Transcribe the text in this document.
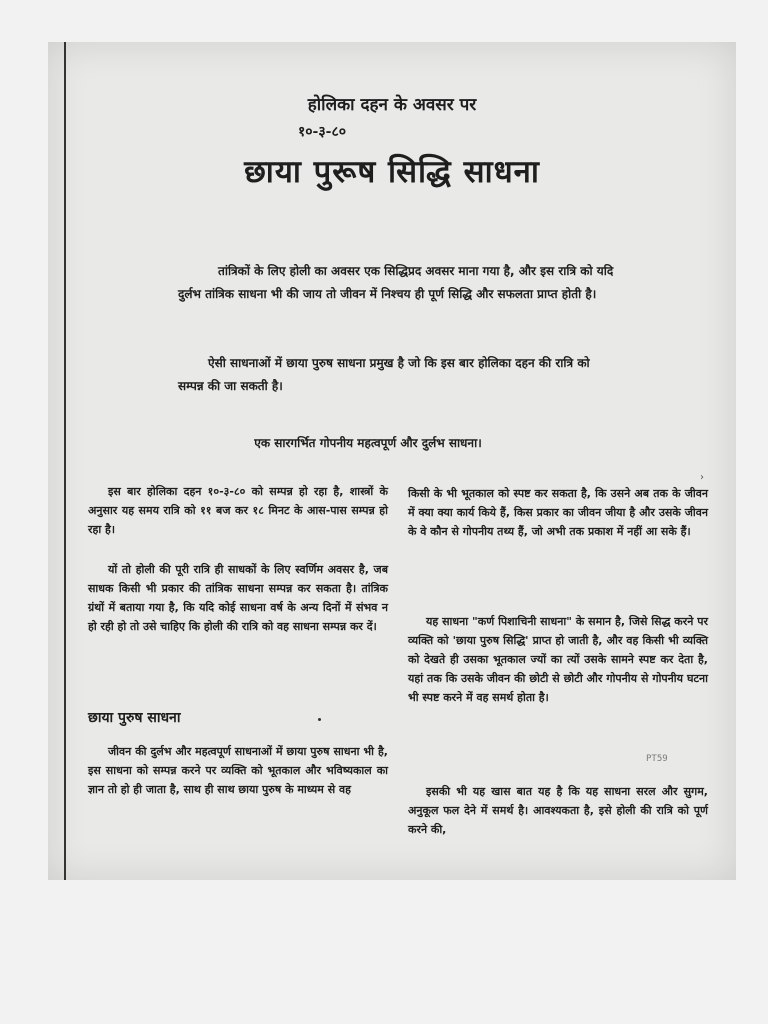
होलिका दहन के अवसर पर
१०-३-८०
छाया पुरूष सिद्धि साधना
तांत्रिकों के लिए होली का अवसर एक सिद्धिप्रद अवसर माना गया है, और इस रात्रि को यदि दुर्लभ तांत्रिक साधना भी की जाय तो जीवन में निश्चय ही पूर्ण सिद्धि और सफलता प्राप्त होती है।
ऐसी साधनाओं में छाया पुरुष साधना प्रमुख है जो कि इस बार होलिका दहन की रात्रि को सम्पन्न की जा सकती है।
एक सारगर्भित गोपनीय महत्वपूर्ण और दुर्लभ साधना।
इस बार होलिका दहन १०-३-८० को सम्पन्न हो रहा है, शास्त्रों के अनुसार यह समय रात्रि को ११ बज कर १८ मिनट के आस-पास सम्पन्न हो रहा है।
यों तो होली की पूरी रात्रि ही साधकों के लिए स्वर्णिम अवसर है, जब साधक किसी भी प्रकार की तांत्रिक साधना सम्पन्न कर सकता है। तांत्रिक ग्रंथों में बताया गया है, कि यदि कोई साधना वर्ष के अन्य दिनों में संभव न हो रही हो तो उसे चाहिए कि होली की रात्रि को वह साधना सम्पन्न कर दें।
छाया पुरुष साधना
जीवन की दुर्लभ और महत्वपूर्ण साधनाओं में छाया पुरुष साधना भी है, इस साधना को सम्पन्न करने पर व्यक्ति को भूतकाल और भविष्यकाल का ज्ञान तो हो ही जाता है, साथ ही साथ छाया पुरुष के माध्यम से वह
›
किसी के भी भूतकाल को स्पष्ट कर सकता है, कि उसने अब तक के जीवन में क्या क्या कार्य किये हैं, किस प्रकार का जीवन जीया है और उसके जीवन के वे कौन से गोपनीय तथ्य हैं, जो अभी तक प्रकाश में नहीं आ सके हैं।
यह साधना "कर्ण पिशाचिनी साधना" के समान है, जिसे सिद्ध करने पर व्यक्ति को 'छाया पुरुष सिद्धि' प्राप्त हो जाती है, और वह किसी भी व्यक्ति को देखते ही उसका भूतकाल ज्यों का त्यों उसके सामने स्पष्ट कर देता है, यहां तक कि उसके जीवन की छोटी से छोटी और गोपनीय से गोपनीय घटना भी स्पष्ट करने में वह समर्थ होता है।
PT59
इसकी भी यह खास बात यह है कि यह साधना सरल और सुगम, अनुकूल फल देने में समर्थ है। आवश्यकता है, इसे होली की रात्रि को पूर्ण करने की,
